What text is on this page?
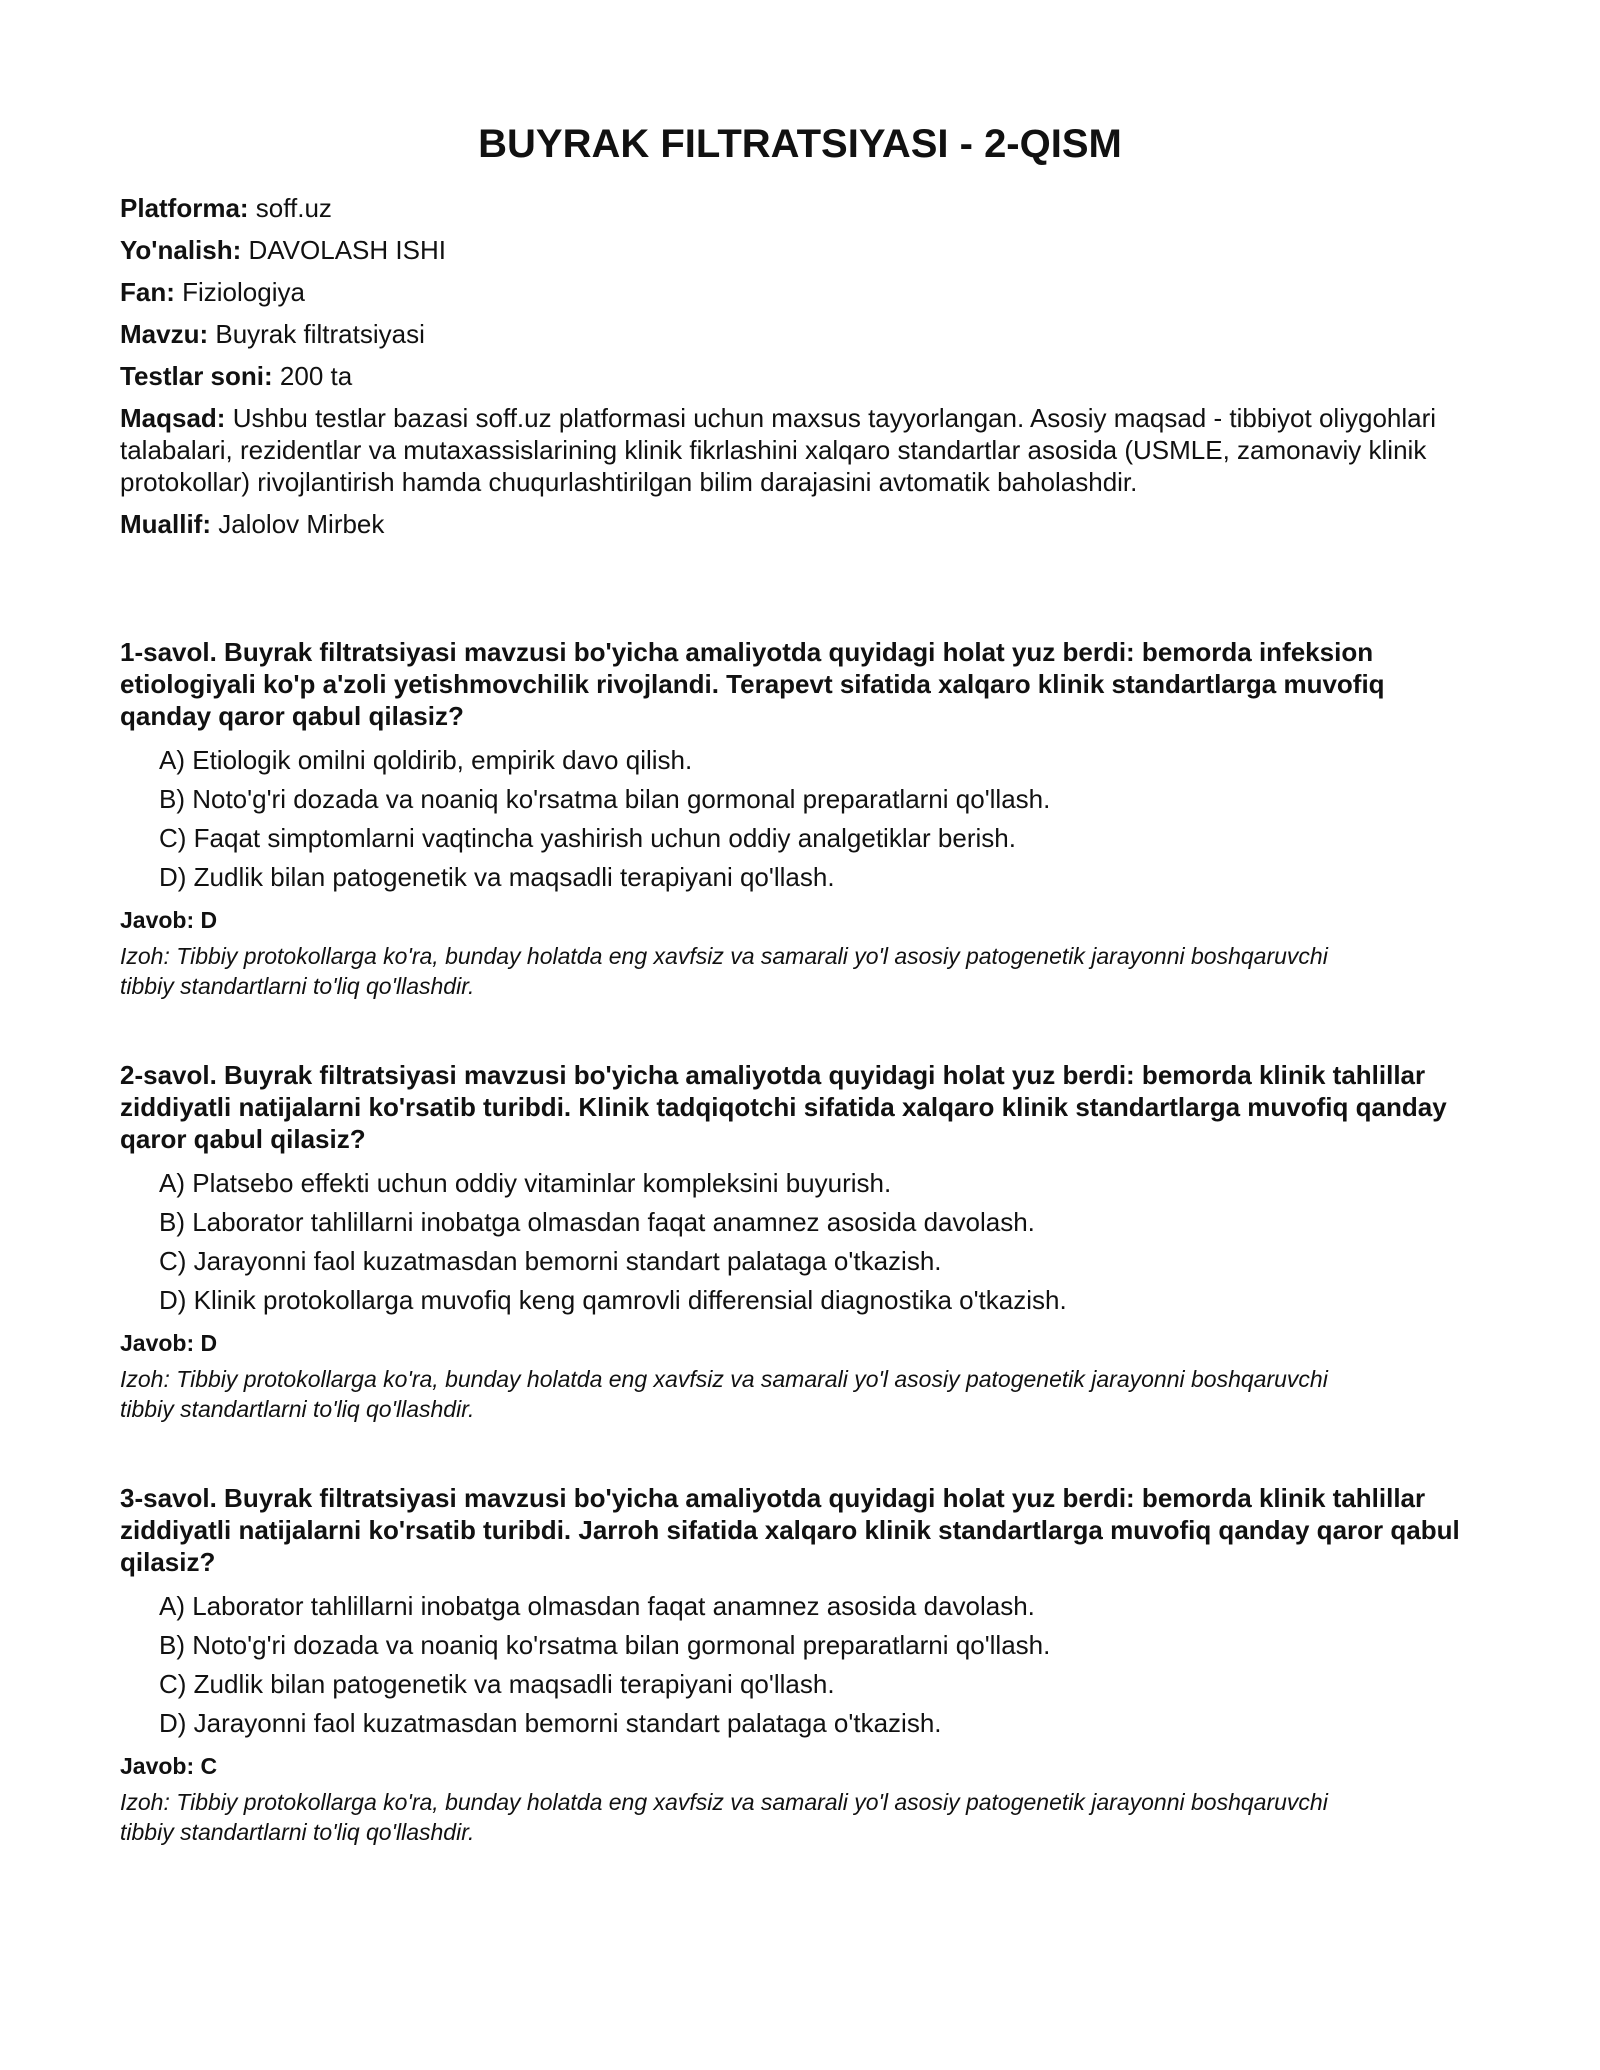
BUYRAK FILTRATSIYASI - 2-QISM

Platforma: soff.uz

Yo'nalish: DAVOLASH ISHI

Fan: Fiziologiya

Mavzu: Buyrak filtratsiyasi

Testlar soni: 200 ta

Maqsad: Ushbu testlar bazasi soff.uz platformasi uchun maxsus tayyorlangan. Asosiy maqsad - tibbiyot oliygohlari talabalari, rezidentlar va mutaxassislarining klinik fikrlashini xalqaro standartlar asosida (USMLE, zamonaviy klinik protokollar) rivojlantirish hamda chuqurlashtirilgan bilim darajasini avtomatik baholashdir.

Muallif: Jalolov Mirbek

1-savol. Buyrak filtratsiyasi mavzusi bo'yicha amaliyotda quyidagi holat yuz berdi: bemorda infeksion etiologiyali ko'p a'zoli yetishmovchilik rivojlandi. Terapevt sifatida xalqaro klinik standartlarga muvofiq qanday qaror qabul qilasiz?

A) Etiologik omilni qoldirib, empirik davo qilish.
B) Noto'g'ri dozada va noaniq ko'rsatma bilan gormonal preparatlarni qo'llash.
C) Faqat simptomlarni vaqtincha yashirish uchun oddiy analgetiklar berish.
D) Zudlik bilan patogenetik va maqsadli terapiyani qo'llash.

Javob: D

Izoh: Tibbiy protokollarga ko'ra, bunday holatda eng xavfsiz va samarali yo'l asosiy patogenetik jarayonni boshqaruvchi tibbiy standartlarni to'liq qo'llashdir.

2-savol. Buyrak filtratsiyasi mavzusi bo'yicha amaliyotda quyidagi holat yuz berdi: bemorda klinik tahlillar ziddiyatli natijalarni ko'rsatib turibdi. Klinik tadqiqotchi sifatida xalqaro klinik standartlarga muvofiq qanday qaror qabul qilasiz?

A) Platsebo effekti uchun oddiy vitaminlar kompleksini buyurish.
B) Laborator tahlillarni inobatga olmasdan faqat anamnez asosida davolash.
C) Jarayonni faol kuzatmasdan bemorni standart palataga o'tkazish.
D) Klinik protokollarga muvofiq keng qamrovli differensial diagnostika o'tkazish.

Javob: D

Izoh: Tibbiy protokollarga ko'ra, bunday holatda eng xavfsiz va samarali yo'l asosiy patogenetik jarayonni boshqaruvchi tibbiy standartlarni to'liq qo'llashdir.

3-savol. Buyrak filtratsiyasi mavzusi bo'yicha amaliyotda quyidagi holat yuz berdi: bemorda klinik tahlillar ziddiyatli natijalarni ko'rsatib turibdi. Jarroh sifatida xalqaro klinik standartlarga muvofiq qanday qaror qabul qilasiz?

A) Laborator tahlillarni inobatga olmasdan faqat anamnez asosida davolash.
B) Noto'g'ri dozada va noaniq ko'rsatma bilan gormonal preparatlarni qo'llash.
C) Zudlik bilan patogenetik va maqsadli terapiyani qo'llash.
D) Jarayonni faol kuzatmasdan bemorni standart palataga o'tkazish.

Javob: C

Izoh: Tibbiy protokollarga ko'ra, bunday holatda eng xavfsiz va samarali yo'l asosiy patogenetik jarayonni boshqaruvchi tibbiy standartlarni to'liq qo'llashdir.
